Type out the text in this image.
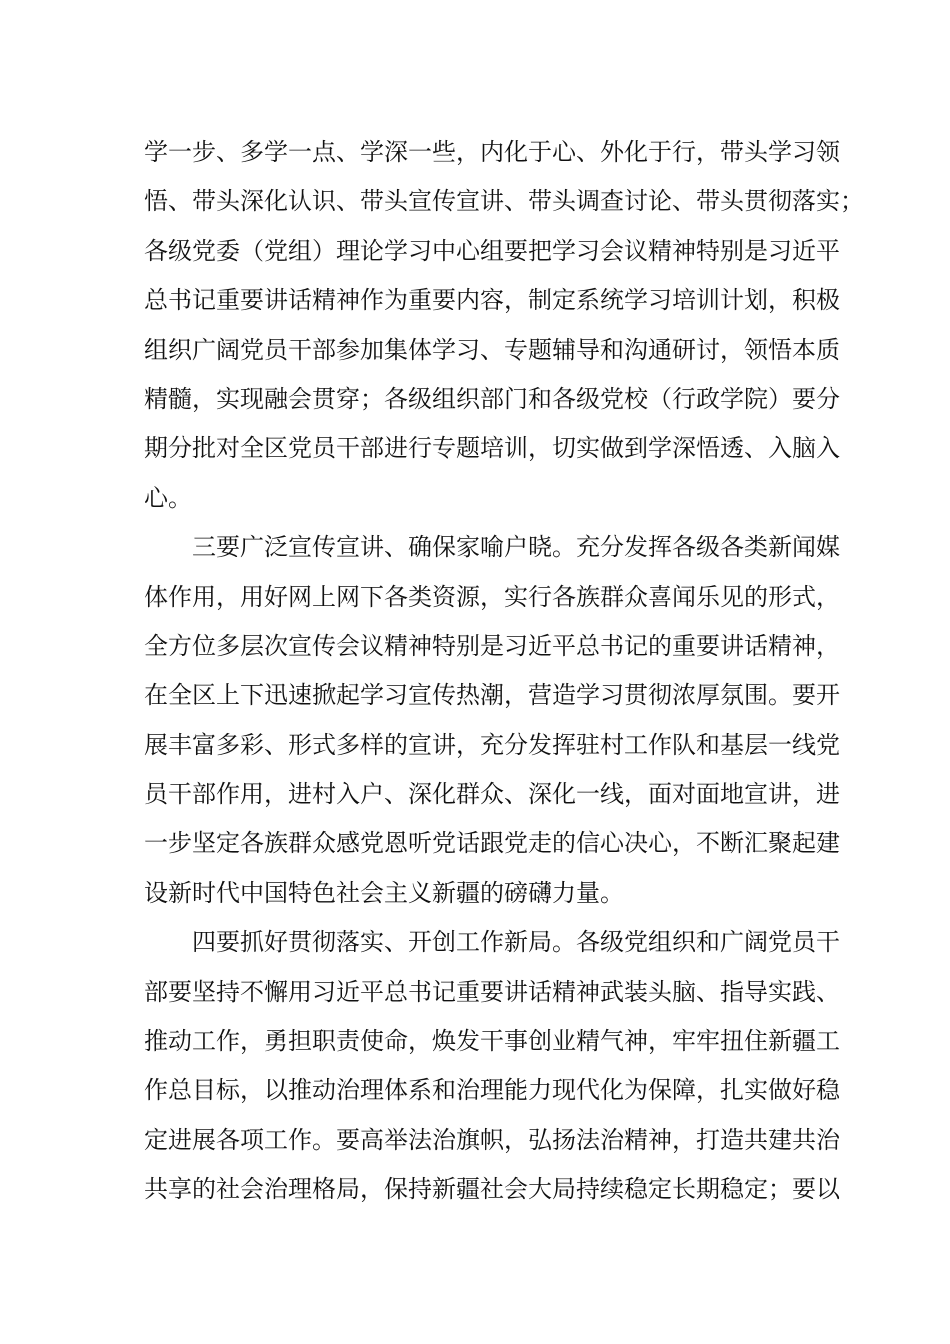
学一步、多学一点、学深一些，内化于心、外化于行，带头学习领
悟、带头深化认识、带头宣传宣讲、带头调查讨论、带头贯彻落实；
各级党委（党组）理论学习中心组要把学习会议精神特别是习近平
总书记重要讲话精神作为重要内容，制定系统学习培训计划，积极
组织广阔党员干部参加集体学习、专题辅导和沟通研讨，领悟本质
精髓，实现融会贯穿；各级组织部门和各级党校（行政学院）要分
期分批对全区党员干部进行专题培训，切实做到学深悟透、入脑入
心。
三要广泛宣传宣讲、确保家喻户晓。充分发挥各级各类新闻媒
体作用，用好网上网下各类资源，实行各族群众喜闻乐见的形式，
全方位多层次宣传会议精神特别是习近平总书记的重要讲话精神，
在全区上下迅速掀起学习宣传热潮，营造学习贯彻浓厚氛围。要开
展丰富多彩、形式多样的宣讲，充分发挥驻村工作队和基层一线党
员干部作用，进村入户、深化群众、深化一线，面对面地宣讲，进
一步坚定各族群众感党恩听党话跟党走的信心决心，不断汇聚起建
设新时代中国特色社会主义新疆的磅礴力量。
四要抓好贯彻落实、开创工作新局。各级党组织和广阔党员干
部要坚持不懈用习近平总书记重要讲话精神武装头脑、指导实践、
推动工作，勇担职责使命，焕发干事创业精气神，牢牢扭住新疆工
作总目标，以推动治理体系和治理能力现代化为保障，扎实做好稳
定进展各项工作。要高举法治旗帜，弘扬法治精神，打造共建共治
共享的社会治理格局，保持新疆社会大局持续稳定长期稳定；要以
